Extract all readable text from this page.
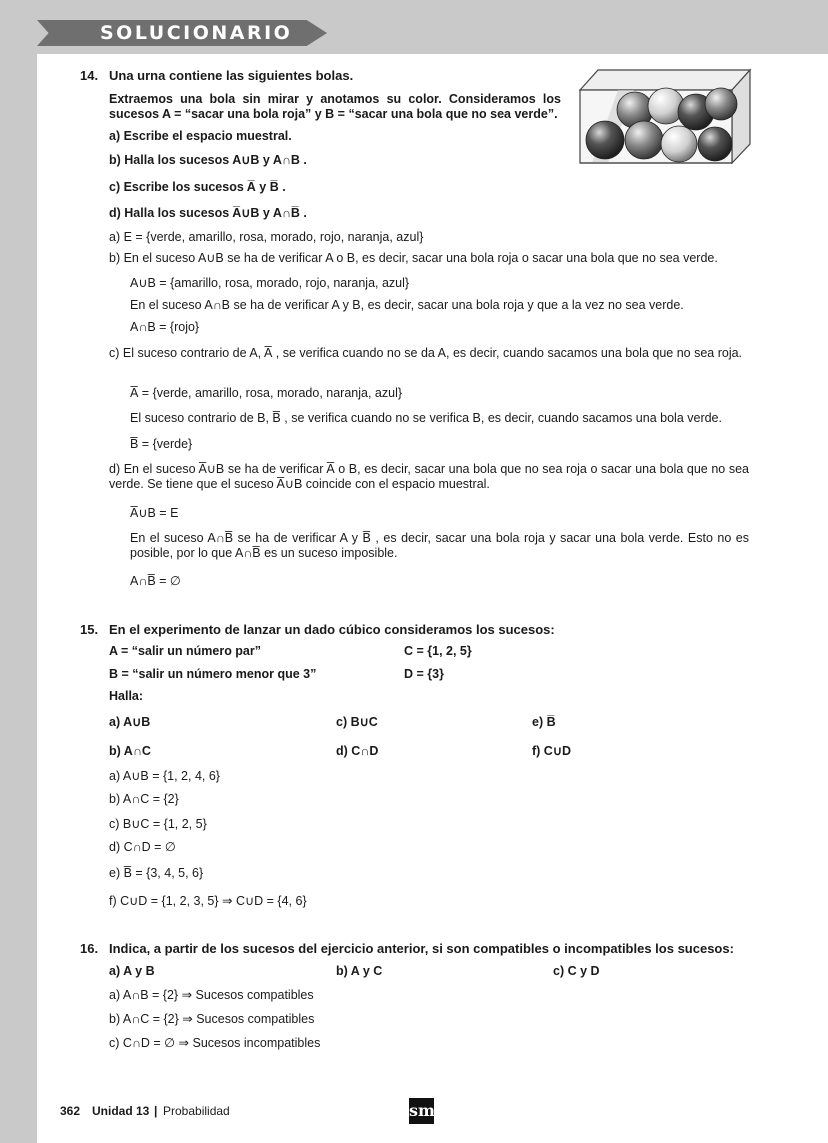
SOLUCIONARIO
14. Una urna contiene las siguientes bolas.
Extraemos una bola sin mirar y anotamos su color. Consideramos los sucesos A = “sacar una bola roja” y B = “sacar una bola que no sea verde”.
a) Escribe el espacio muestral.
b) Halla los sucesos A∪B y A∩B .
c) Escribe los sucesos A̅ y B̅ .
d) Halla los sucesos A̅∪B y A∩B̅ .
a) E = {verde, amarillo, rosa, morado, rojo, naranja, azul}
b) En el suceso A∪B se ha de verificar A o B, es decir, sacar una bola roja o sacar una bola que no sea verde.
A∪B = {amarillo, rosa, morado, rojo, naranja, azul}
En el suceso A∩B se ha de verificar A y B, es decir, sacar una bola roja y que a la vez no sea verde.
A∩B = {rojo}
c) El suceso contrario de A, A̅ , se verifica cuando no se da A, es decir, cuando sacamos una bola que no sea roja.
A̅ = {verde, amarillo, rosa, morado, naranja, azul}
El suceso contrario de B, B̅ , se verifica cuando no se verifica B, es decir, cuando sacamos una bola verde.
B̅ = {verde}
d) En el suceso A̅∪B se ha de verificar A̅ o B, es decir, sacar una bola que no sea roja o sacar una bola que no sea verde. Se tiene que el suceso A̅∪B coincide con el espacio muestral.
A̅∪B = E
En el suceso A∩B̅ se ha de verificar A y B̅ , es decir, sacar una bola roja y sacar una bola verde. Esto no es posible, por lo que A∩B̅ es un suceso imposible.
A∩B̅ = ∅
15. En el experimento de lanzar un dado cúbico consideramos los sucesos:
A = “salir un número par”	C = {1, 2, 5}
B = “salir un número menor que 3”	D = {3}
Halla:
a) A∪B	c) B∪C	e) B̅
b) A∩C	d) C∩D	f) C∪D
a) A∪B = {1, 2, 4, 6}
b) A∩C = {2}
c) B∪C = {1, 2, 5}
d) C∩D = ∅
e) B̅ = {3, 4, 5, 6}
f) C∪D = {1, 2, 3, 5} ⇒ C∪D = {4, 6}
16. Indica, a partir de los sucesos del ejercicio anterior, si son compatibles o incompatibles los sucesos:
a) A y B	b) A y C	c) C y D
a) A∩B = {2} ⇒ Sucesos compatibles
b) A∩C = {2} ⇒ Sucesos compatibles
c) C∩D = ∅ ⇒ Sucesos incompatibles
362 Unidad 13 | Probabilidad	sm
